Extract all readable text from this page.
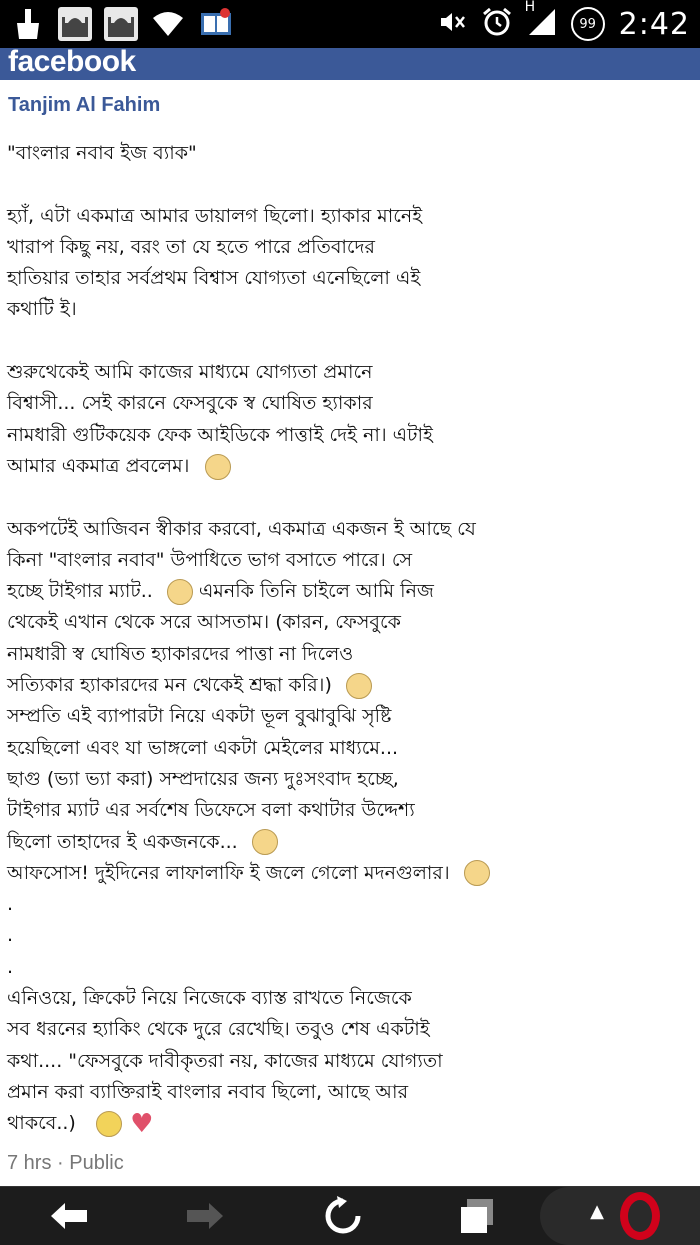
H
99 2:42
facebook
Tanjim Al Fahim
"বাংলার নবাব ইজ ব্যাক"
হ্যাঁ, এটা একমাত্র আমার ডায়ালগ ছিলো। হ্যাকার মানেই
খারাপ কিছু নয়, বরং তা যে হতে পারে প্রতিবাদের
হাতিয়ার তাহার সর্বপ্রথম বিশ্বাস যোগ্যতা এনেছিলো এই
কথাটি ই।
শুরুথেকেই আমি কাজের মাধ্যমে যোগ্যতা প্রমানে
বিশ্বাসী... সেই কারনে ফেসবুকে স্ব ঘোষিত হ্যাকার
নামধারী গুটিকয়েক ফেক আইডিকে পাত্তাই দেই না। এটাই
আমার একমাত্র প্রবলেম।
অকপটেই আজিবন স্বীকার করবো, একমাত্র একজন ই আছে যে
কিনা "বাংলার নবাব" উপাধিতে ভাগ বসাতে পারে। সে
হচ্ছে টাইগার ম্যাট.. এমনকি তিনি চাইলে আমি নিজ
থেকেই এখান থেকে সরে আসতাম। (কারন, ফেসবুকে
নামধারী স্ব ঘোষিত হ্যাকারদের পাত্তা না দিলেও
সত্যিকার হ্যাকারদের মন থেকেই শ্রদ্ধা করি।)
সম্প্রতি এই ব্যাপারটা নিয়ে একটা ভূল বুঝাবুঝি সৃষ্টি
হয়েছিলো এবং যা ভাঙ্গলো একটা মেইলের মাধ্যমে...
ছাগু (ভ্যা ভ্যা করা) সম্প্রদায়ের জন্য দুঃসংবাদ হচ্ছে,
টাইগার ম্যাট এর সর্বশেষ ডিফেসে বলা কথাটার উদ্দেশ্য
ছিলো তাহাদের ই একজনকে...
আফসোস! দুইদিনের লাফালাফি ই জলে গেলো মদনগুলার।
.
.
.
এনিওয়ে, ক্রিকেট নিয়ে নিজেকে ব্যাস্ত রাখতে নিজেকে
সব ধরনের হ্যাকিং থেকে দুরে রেখেছি। তবুও শেষ একটাই
কথা.... "ফেসবুকে দাবীকৃতরা নয়, কাজের মাধ্যমে যোগ্যতা
প্রমান করা ব্যাক্তিরাই বাংলার নবাব ছিলো, আছে আর
থাকবে..) ♥
7 hrs · Public
▲
